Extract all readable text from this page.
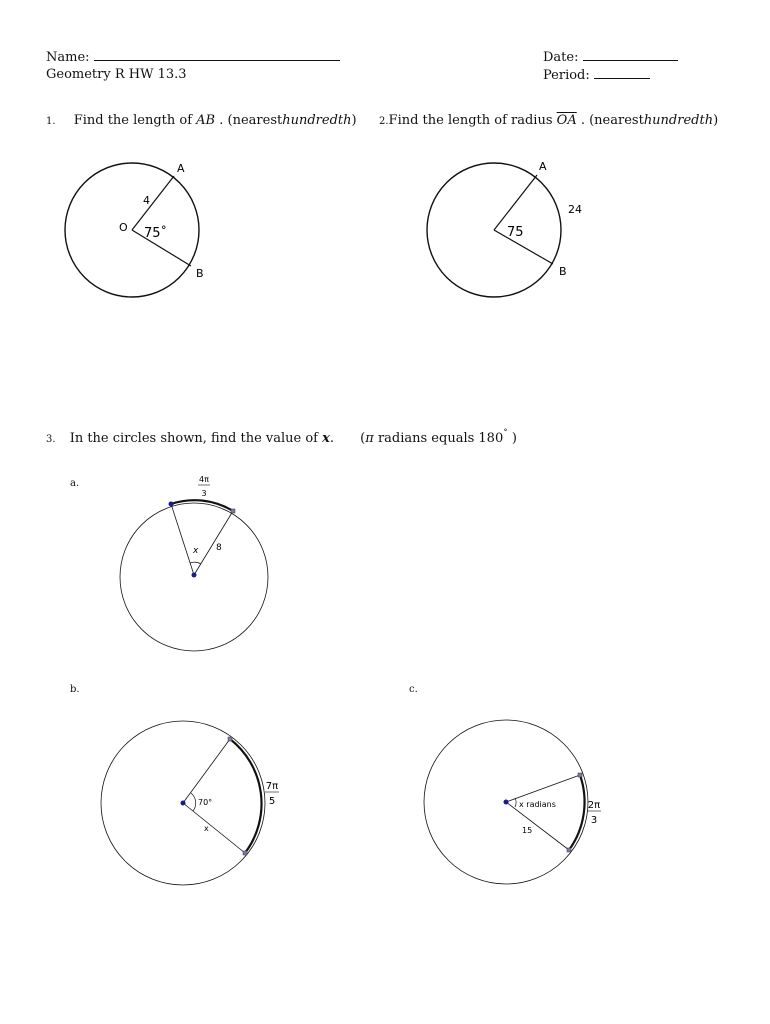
Name:
Geometry R HW 13.3
Date:
Period:
1. Find the length of AB . (nearesthundredth) 2.Find the length of radius $\overline{OA}$ . (nearesthundredth)
3. In the circles shown, find the value of x. (π radians equals 180˚ )
a.
b.	c.
A
B
O
4
75˚
A
B
24
75
4π
3
x 8
7π
5
70°
x
2π
3
x radians
15
